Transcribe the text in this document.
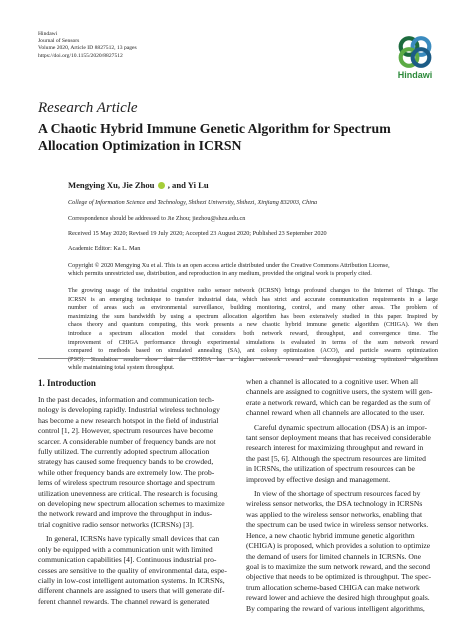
Hindawi
Journal of Sensors
Volume 2020, Article ID 8827512, 13 pages
https://doi.org/10.1155/2020/8827512
Hindawi
Research Article
A Chaotic Hybrid Immune Genetic Algorithm for Spectrum
Allocation Optimization in ICRSN
Mengying Xu, Jie Zhou , and Yi Lu
College of Information Science and Technology, Shihezi University, Shihezi, Xinjiang 832003, China
Correspondence should be addressed to Jie Zhou; jiezhou@shzu.edu.cn
Received 15 May 2020; Revised 19 July 2020; Accepted 23 August 2020; Published 23 September 2020
Academic Editor: Ka L. Man
Copyright © 2020 Mengying Xu et al. This is an open access article distributed under the Creative Commons Attribution License,
which permits unrestricted use, distribution, and reproduction in any medium, provided the original work is properly cited.
The growing usage of the industrial cognitive radio sensor network (ICRSN) brings profound changes to the Internet of Things. The
ICRSN is an emerging technique to transfer industrial data, which has strict and accurate communication requirements in a large
number of areas such as environmental surveillance, building monitoring, control, and many other areas. The problem of
maximizing the sum bandwidth by using a spectrum allocation algorithm has been extensively studied in this paper. Inspired by
chaos theory and quantum computing, this work presents a new chaotic hybrid immune genetic algorithm (CHIGA). We then
introduce a spectrum allocation model that considers both network reward, throughput, and convergence time. The
improvement of CHIGA performance through experimental simulations is evaluated in terms of the sum network reward
compared to methods based on simulated annealing (SA), ant colony optimization (ACO), and particle swarm optimization
(PSO). Simulation results show that the CHIGA has a higher network reward and throughput existing optimized algorithms
while maintaining total system throughput.
1. Introduction
In the past decades, information and communication tech-
nology is developing rapidly. Industrial wireless technology
has become a new research hotspot in the field of industrial
control [1, 2]. However, spectrum resources have become
scarcer. A considerable number of frequency bands are not
fully utilized. The currently adopted spectrum allocation
strategy has caused some frequency bands to be crowded,
while other frequency bands are extremely low. The prob-
lems of wireless spectrum resource shortage and spectrum
utilization unevenness are critical. The research is focusing
on developing new spectrum allocation schemes to maximize
the network reward and improve the throughput in indus-
trial cognitive radio sensor networks (ICRSNs) [3].
In general, ICRSNs have typically small devices that can
only be equipped with a communication unit with limited
communication capabilities [4]. Continuous industrial pro-
cesses are sensitive to the quality of environmental data, espe-
cially in low-cost intelligent automation systems. In ICRSNs,
different channels are assigned to users that will generate dif-
ferent channel rewards. The channel reward is generated
when a channel is allocated to a cognitive user. When all
channels are assigned to cognitive users, the system will gen-
erate a network reward, which can be regarded as the sum of
channel reward when all channels are allocated to the user.
Careful dynamic spectrum allocation (DSA) is an impor-
tant sensor deployment means that has received considerable
research interest for maximizing throughput and reward in
the past [5, 6]. Although the spectrum resources are limited
in ICRSNs, the utilization of spectrum resources can be
improved by effective design and management.
In view of the shortage of spectrum resources faced by
wireless sensor networks, the DSA technology in ICRSNs
was applied to the wireless sensor networks, enabling that
the spectrum can be used twice in wireless sensor networks.
Hence, a new chaotic hybrid immune genetic algorithm
(CHIGA) is proposed, which provides a solution to optimize
the demand of users for limited channels in ICRSNs. One
goal is to maximize the sum network reward, and the second
objective that needs to be optimized is throughput. The spec-
trum allocation scheme-based CHIGA can make network
reward lower and achieve the desired high throughput goals.
By comparing the reward of various intelligent algorithms,
